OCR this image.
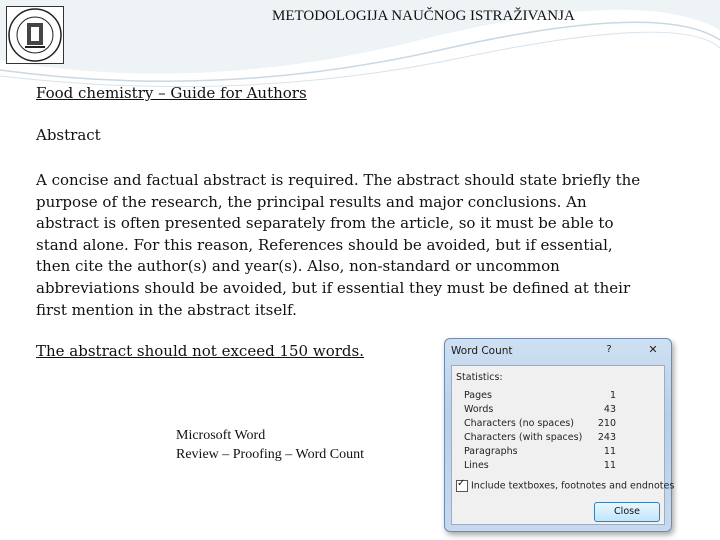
METODOLOGIJA NAUČNOG ISTRAŽIVANJA
Food chemistry – Guide for Authors
Abstract

A concise and factual abstract is required. The abstract should state briefly the purpose of the research, the principal results and major conclusions. An abstract is often presented separately from the article, so it must be able to stand alone. For this reason, References should be avoided, but if essential, then cite the author(s) and year(s). Also, non-standard or uncommon abbreviations should be avoided, but if essential they must be defined at their first mention in the abstract itself.

The abstract should not exceed 150 words.
Microsoft Word
Review – Proofing – Word Count
Word Count	?	✕
Statistics:
Pages	1
Words	43
Characters (no spaces)	210
Characters (with spaces) 243
Paragraphs	11
Lines	11
✓Include textboxes, footnotes and endnotes
Close
